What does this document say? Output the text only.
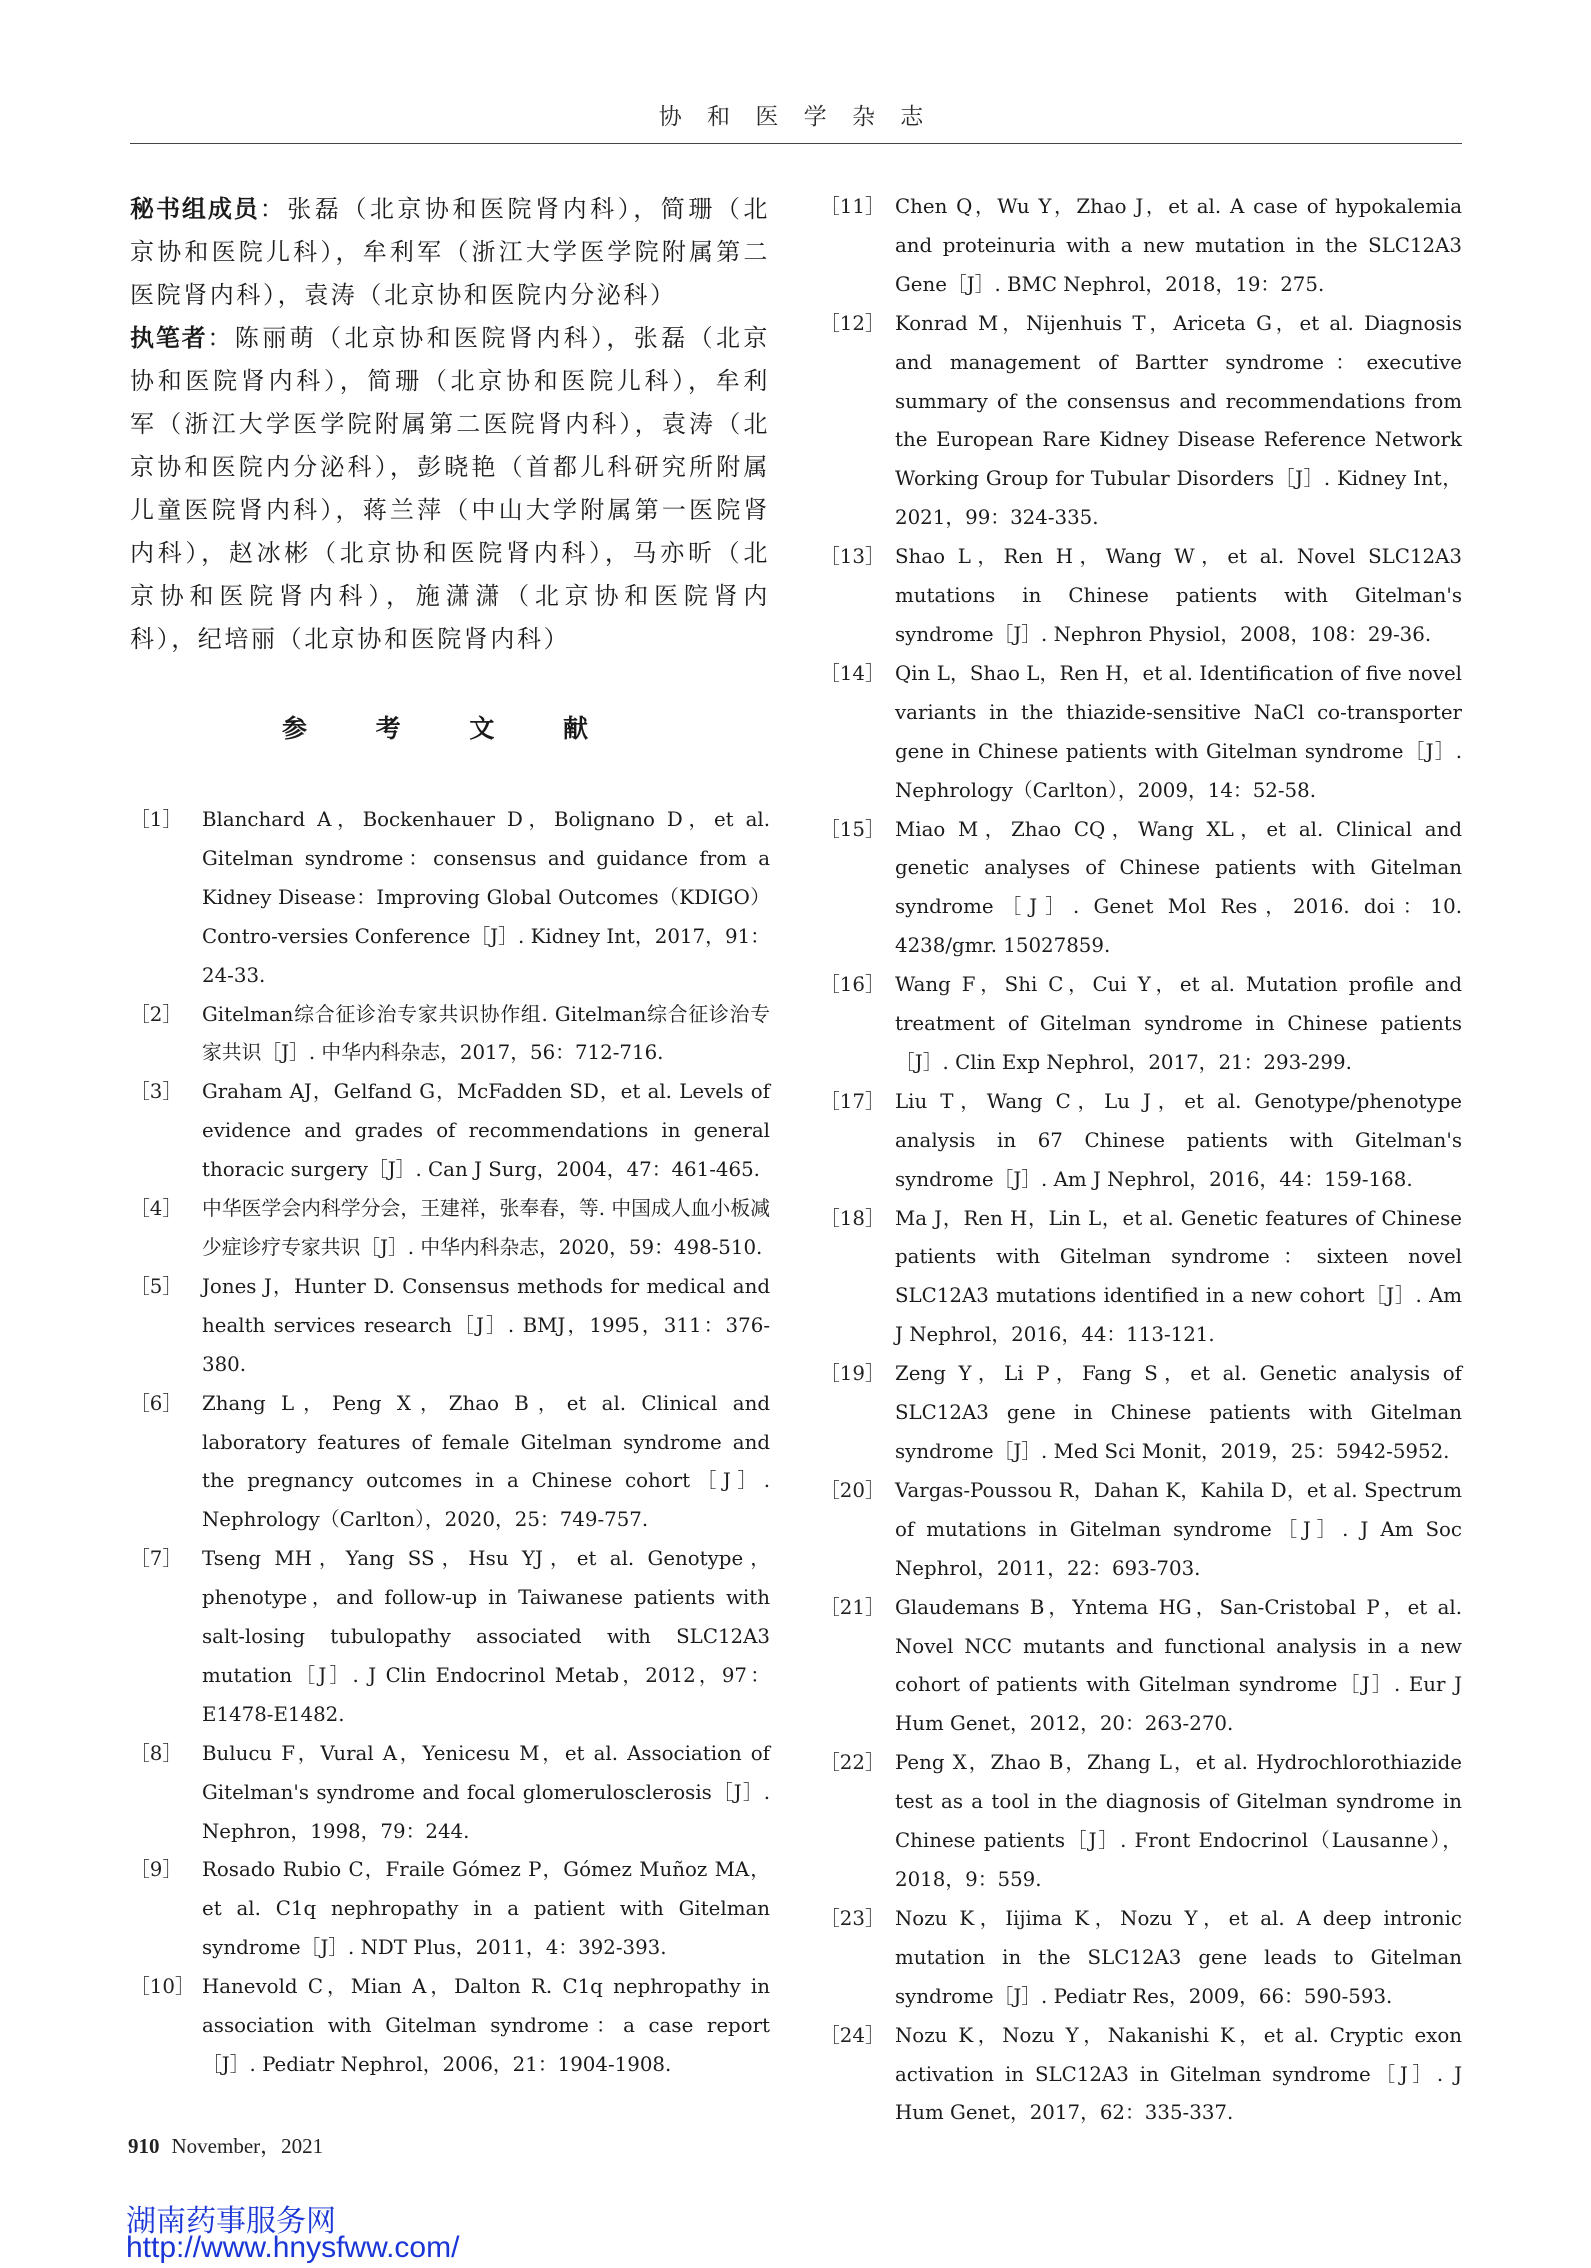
协 和 医 学 杂 志

秘书组成员：张磊（北京协和医院肾内科），简珊（北京协和医院儿科），牟利军（浙江大学医学院附属第二医院肾内科），袁涛（北京协和医院内分泌科）

执笔者：陈丽萌（北京协和医院肾内科），张磊（北京协和医院肾内科），简珊（北京协和医院儿科），牟利军（浙江大学医学院附属第二医院肾内科），袁涛（北京协和医院内分泌科），彭晓艳（首都儿科研究所附属儿童医院肾内科），蒋兰萍（中山大学附属第一医院肾内科），赵冰彬（北京协和医院肾内科），马亦昕（北京协和医院肾内科），施潇潇（北京协和医院肾内科），纪培丽（北京协和医院肾内科）

参 考 文 献
［1］	Blanchard A，Bockenhauer D，Bolignano D，et al. Gitelman syndrome：consensus and guidance from a Kidney Disease：Improving Global Outcomes（KDIGO）Contro-versies Conference［J］. Kidney Int，2017，91：24-33.
［2］	Gitelman综合征诊治专家共识协作组. Gitelman综合征诊治专家共识［J］. 中华内科杂志，2017，56：712-716.
［3］	Graham AJ，Gelfand G，McFadden SD，et al. Levels of evidence and grades of recommendations in general thoracic surgery［J］. Can J Surg，2004，47：461-465.
［4］	中华医学会内科学分会，王建祥，张奉春，等. 中国成人血小板减少症诊疗专家共识［J］. 中华内科杂志，2020，59：498-510.
［5］	Jones J，Hunter D. Consensus methods for medical and health services research［J］. BMJ，1995，311：376-380.
［6］	Zhang L，Peng X，Zhao B，et al. Clinical and laboratory features of female Gitelman syndrome and the pregnancy outcomes in a Chinese cohort［J］. Nephrology（Carlton），2020，25：749-757.
［7］	Tseng MH，Yang SS，Hsu YJ，et al. Genotype，phenotype，and follow-up in Taiwanese patients with salt-losing tubulopathy associated with SLC12A3 mutation［J］. J Clin Endocrinol Metab，2012，97：E1478-E1482.
［8］	Bulucu F，Vural A，Yenicesu M，et al. Association of Gitelman's syndrome and focal glomerulosclerosis［J］. Nephron，1998，79：244.
［9］	Rosado Rubio C，Fraile Gómez P，Gómez Muñoz MA，et al. C1q nephropathy in a patient with Gitelman syndrome［J］. NDT Plus，2011，4：392-393.
［10］ Hanevold C，Mian A，Dalton R. C1q nephropathy in association with Gitelman syndrome：a case report［J］. Pediatr Nephrol，2006，21：1904-1908.
［11］ Chen Q，Wu Y，Zhao J，et al. A case of hypokalemia and proteinuria with a new mutation in the SLC12A3 Gene［J］. BMC Nephrol，2018，19：275.
［12］ Konrad M，Nijenhuis T，Ariceta G，et al. Diagnosis and management of Bartter syndrome：executive summary of the consensus and recommendations from the European Rare Kidney Disease Reference Network Working Group for Tubular Disorders［J］. Kidney Int，2021，99：324-335.
［13］ Shao L，Ren H，Wang W，et al. Novel SLC12A3 mutations in Chinese patients with Gitelman's syndrome［J］. Nephron Physiol，2008，108：29-36.
［14］ Qin L，Shao L，Ren H，et al. Identification of five novel variants in the thiazide-sensitive NaCl co-transporter gene in Chinese patients with Gitelman syndrome［J］. Nephrology（Carlton），2009，14：52-58.
［15］ Miao M，Zhao CQ，Wang XL，et al. Clinical and genetic analyses of Chinese patients with Gitelman syndrome［J］. Genet Mol Res，2016. doi：10. 4238/gmr. 15027859.
［16］ Wang F，Shi C，Cui Y，et al. Mutation profile and treatment of Gitelman syndrome in Chinese patients［J］. Clin Exp Nephrol，2017，21：293-299.
［17］ Liu T，Wang C，Lu J，et al. Genotype/phenotype analysis in 67 Chinese patients with Gitelman's syndrome［J］. Am J Nephrol，2016，44：159-168.
［18］ Ma J，Ren H，Lin L，et al. Genetic features of Chinese patients with Gitelman syndrome：sixteen novel SLC12A3 mutations identified in a new cohort［J］. Am J Nephrol，2016，44：113-121.
［19］ Zeng Y，Li P，Fang S，et al. Genetic analysis of SLC12A3 gene in Chinese patients with Gitelman syndrome［J］. Med Sci Monit，2019，25：5942-5952.
［20］ Vargas-Poussou R，Dahan K，Kahila D，et al. Spectrum of mutations in Gitelman syndrome［J］. J Am Soc Nephrol，2011，22：693-703.
［21］ Glaudemans B，Yntema HG，San-Cristobal P，et al. Novel NCC mutants and functional analysis in a new cohort of patients with Gitelman syndrome［J］. Eur J Hum Genet，2012，20：263-270.
［22］ Peng X，Zhao B，Zhang L，et al. Hydrochlorothiazide test as a tool in the diagnosis of Gitelman syndrome in Chinese patients［J］. Front Endocrinol（Lausanne），2018，9：559.
［23］ Nozu K，Iijima K，Nozu Y，et al. A deep intronic mutation in the SLC12A3 gene leads to Gitelman syndrome［J］. Pediatr Res，2009，66：590-593.
［24］ Nozu K，Nozu Y，Nakanishi K，et al. Cryptic exon activation in SLC12A3 in Gitelman syndrome［J］. J Hum Genet，2017，62：335-337.
910 November，2021
湖南药事服务网
http://www.hnysfww.com/
